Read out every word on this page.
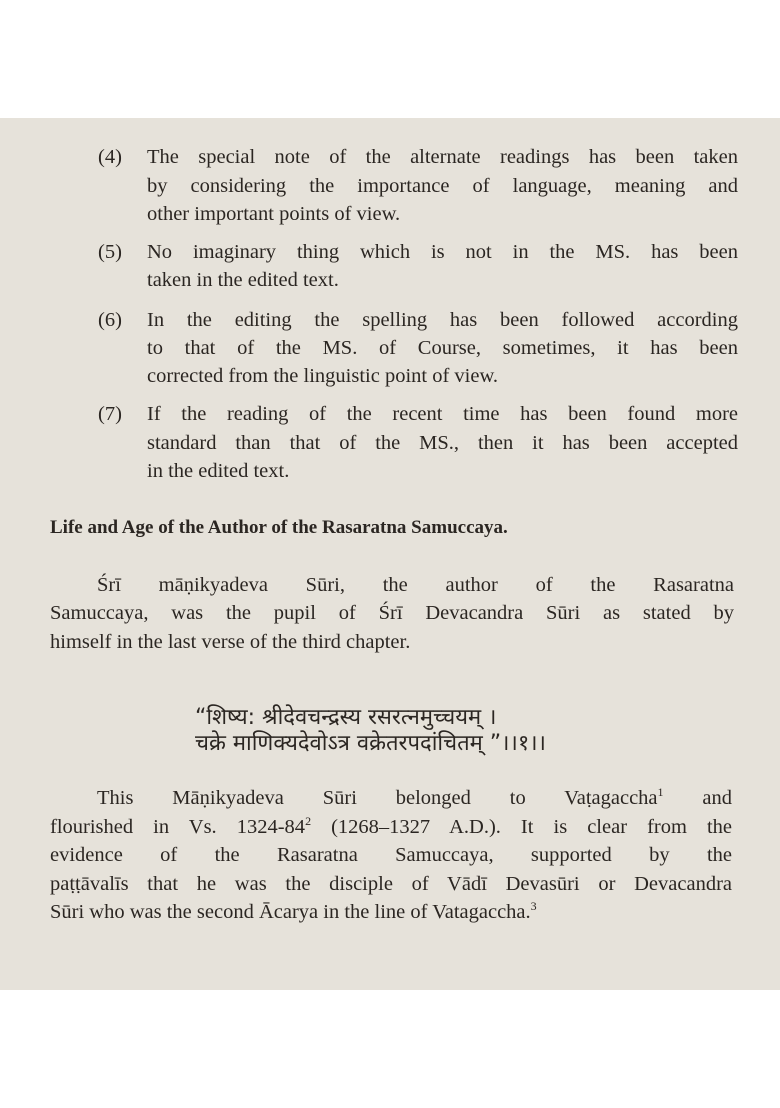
(4) The special note of the alternate readings has been taken
by considering the importance of language, meaning and
other important points of view.
(5) No imaginary thing which is not in the MS. has been
taken in the edited text.
(6) In the editing the spelling has been followed according
to that of the MS. of Course, sometimes, it has been
corrected from the linguistic point of view.
(7) If the reading of the recent time has been found more
standard than that of the MS., then it has been accepted
in the edited text.
Life and Age of the Author of the Rasaratna Samuccaya.
Śrī māṇikyadeva Sūri, the author of the Rasaratna
Samuccaya, was the pupil of Śrī Devacandra Sūri as stated by
himself in the last verse of the third chapter.
“शिष्य: श्रीदेवचन्द्रस्य रसरत्नमुच्चयम् ।
चक्रे माणिक्यदेवोऽत्र वक्रेतरपदांचितम् ”।।१।।
This Māṇikyadeva Sūri belonged to Vaṭagaccha$^1$ and
flourished in Vs. $1324-84^2$ (1268–1327 A.D.). It is clear from the
evidence of the Rasaratna Samuccaya, supported by the
paṭṭāvalīs that he was the disciple of Vādī Devasūri or Devacandra
Sūri who was the second Ācarya in the line of Vatagaccha.$^3$
